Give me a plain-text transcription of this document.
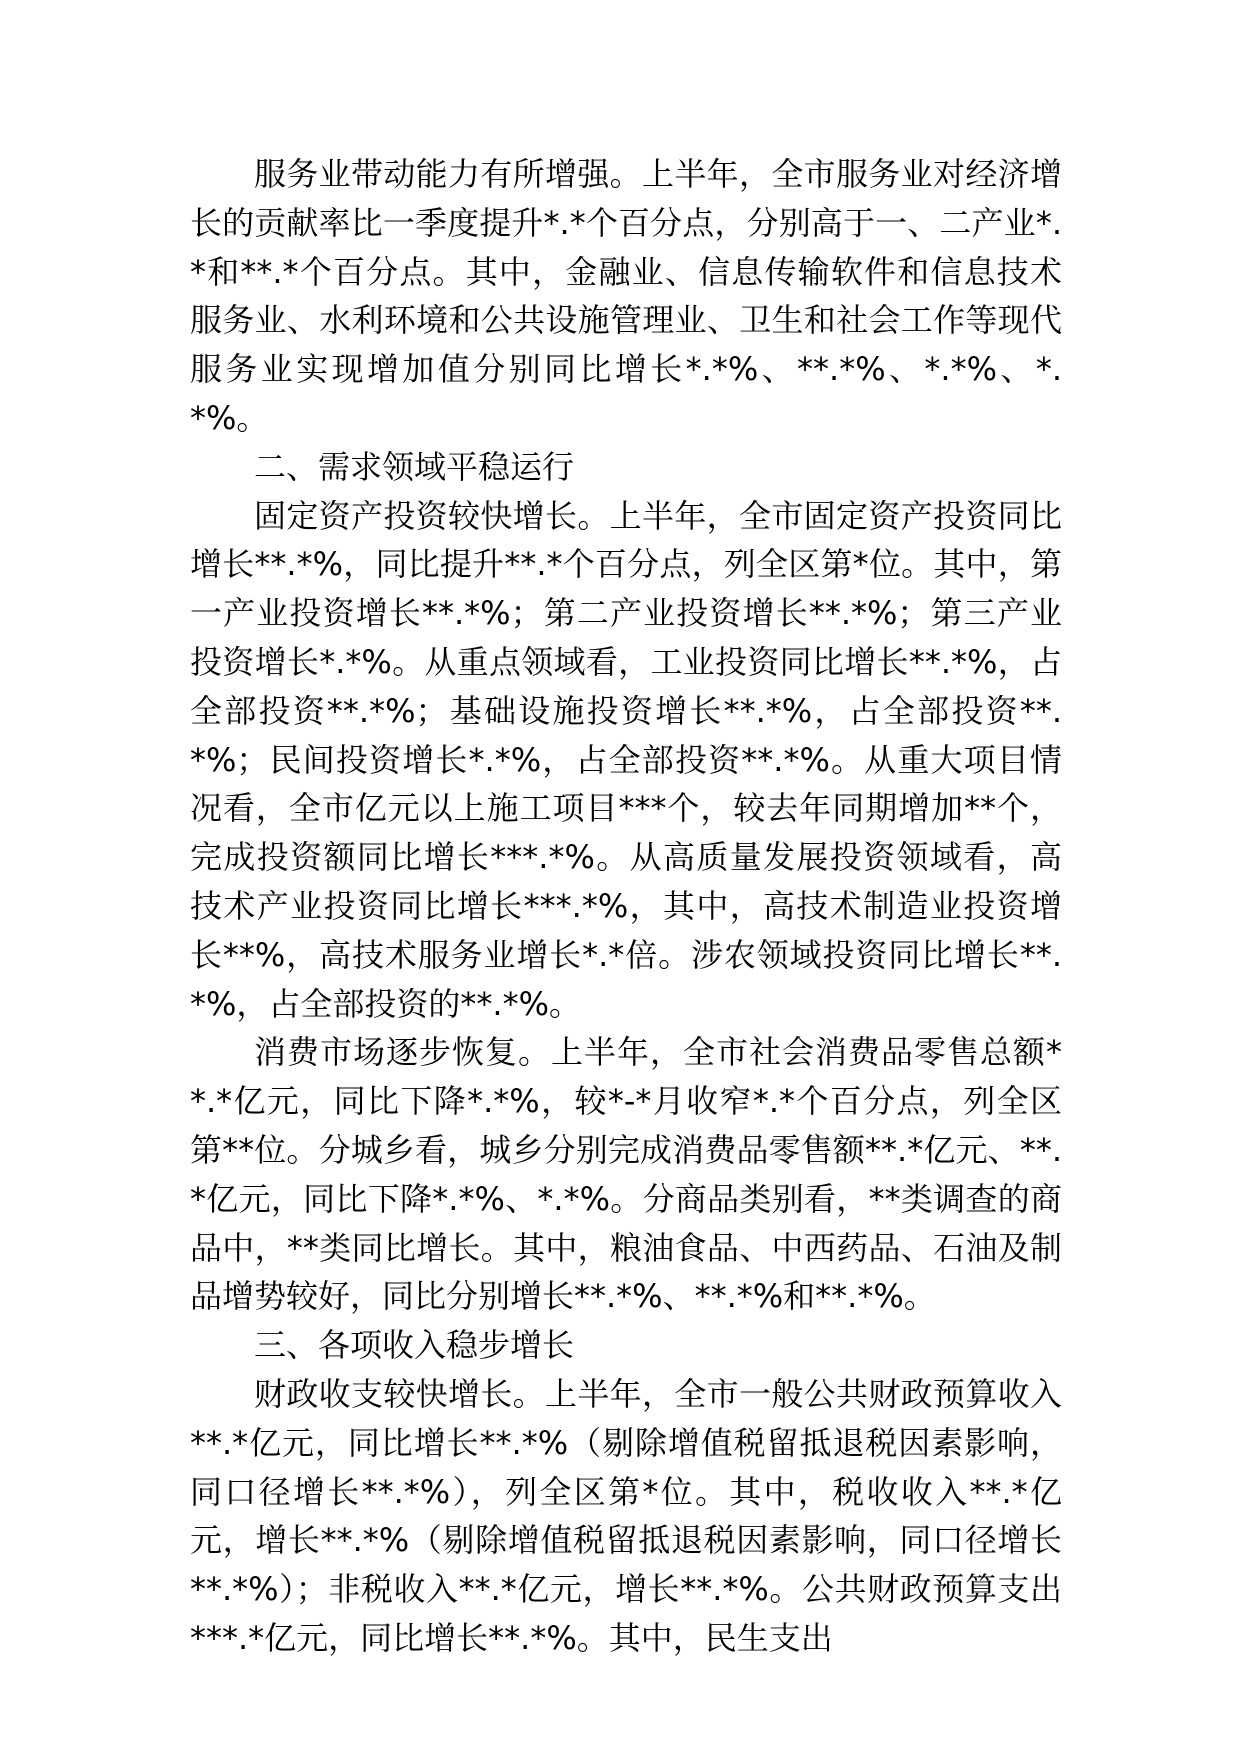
服务业带动能力有所增强。上半年，全市服务业对经济增长的贡献率比一季度提升*.*个百分点，分别高于一、二产业*.*和**.*个百分点。其中，金融业、信息传输软件和信息技术服务业、水利环境和公共设施管理业、卫生和社会工作等现代服务业实现增加值分别同比增长*.*%、**.*%、*.*%、*.*%。

二、需求领域平稳运行

固定资产投资较快增长。上半年，全市固定资产投资同比增长**.*%，同比提升**.*个百分点，列全区第*位。其中，第一产业投资增长**.*%；第二产业投资增长**.*%；第三产业投资增长*.*%。从重点领域看，工业投资同比增长**.*%，占全部投资**.*%；基础设施投资增长**.*%，占全部投资**.*%；民间投资增长*.*%，占全部投资**.*%。从重大项目情况看，全市亿元以上施工项目***个，较去年同期增加**个，完成投资额同比增长***.*%。从高质量发展投资领域看，高技术产业投资同比增长***.*%，其中，高技术制造业投资增长**%，高技术服务业增长*.*倍。涉农领域投资同比增长**.*%，占全部投资的**.*%。

消费市场逐步恢复。上半年，全市社会消费品零售总额**.*亿元，同比下降*.*%，较*-*月收窄*.*个百分点，列全区第**位。分城乡看，城乡分别完成消费品零售额**.*亿元、**.*亿元，同比下降*.*%、*.*%。分商品类别看，**类调查的商品中，**类同比增长。其中，粮油食品、中西药品、石油及制品增势较好，同比分别增长**.*%、**.*%和**.*%。

三、各项收入稳步增长

财政收支较快增长。上半年，全市一般公共财政预算收入**.*亿元，同比增长**.*%（剔除增值税留抵退税因素影响，同口径增长**.*%），列全区第*位。其中，税收收入**.*亿元，增长**.*%（剔除增值税留抵退税因素影响，同口径增长**.*%）；非税收入**.*亿元，增长**.*%。公共财政预算支出***.*亿元，同比增长**.*%。其中，民生支出
